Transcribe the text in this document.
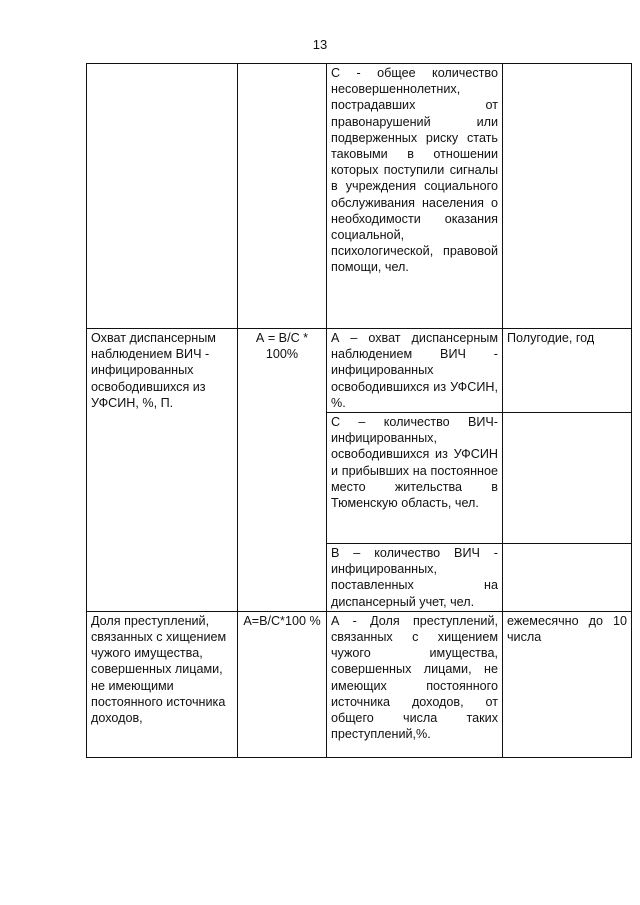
13
		С - общее количество несовершеннолетних, пострадавших от правонарушений или подверженных риску стать таковыми в отношении которых поступили сигналы в учреждения социального обслуживания населения о необходимости оказания социальной, психологической, правовой помощи, чел.	
Охват диспансерным наблюдением ВИЧ - инфицированных освободившихся из УФСИН, %, П.	А = В/С * 100%	А – охват диспансерным наблюдением ВИЧ - инфицированных освободившихся из УФСИН, %.	Полугодие, год
		С – количество ВИЧ-инфицированных, освободившихся из УФСИН и прибывших на постоянное место жительства в Тюменскую область, чел.	
		В – количество ВИЧ - инфицированных, поставленных на диспансерный учет, чел.	
Доля преступлений, связанных с хищением чужого имущества, совершенных лицами, не имеющими постоянного источника доходов,	А=В/С*100 %	А - Доля преступлений, связанных с хищением чужого имущества, совершенных лицами, не имеющих постоянного источника доходов, от общего числа таких преступлений,%.	ежемесячно до 10 числа
